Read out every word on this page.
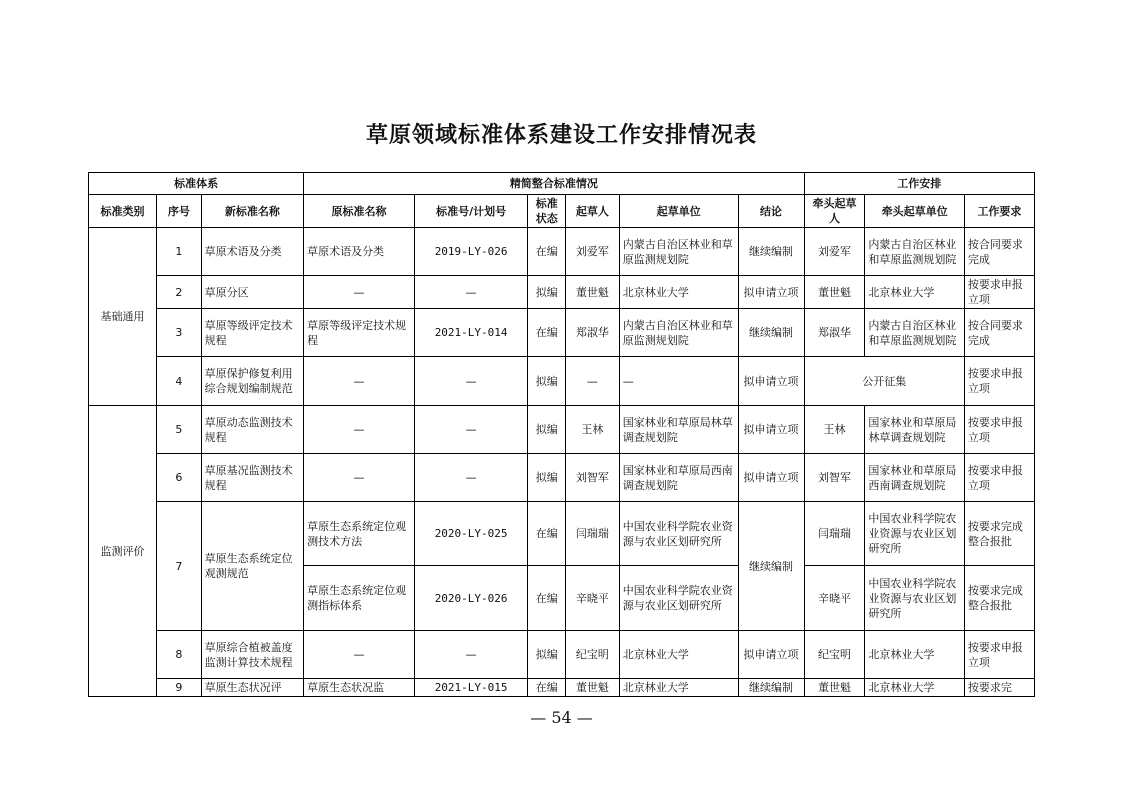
草原领域标准体系建设工作安排情况表
标准体系			精简整合标准情况						工作安排		
标准类别	序号	新标准名称	原标准名称	标准号/计划号	标准状态	起草人	起草单位	结论	牵头起草人	牵头起草单位	工作要求
基础通用	1	草原术语及分类	草原术语及分类	2019-LY-026	在编	刘爱军	内蒙古自治区林业和草原监测规划院	继续编制	刘爱军	内蒙古自治区林业和草原监测规划院	按合同要求完成
	2	草原分区	—	—	拟编	董世魁	北京林业大学	拟申请立项	董世魁	北京林业大学	按要求申报立项
	3	草原等级评定技术规程	草原等级评定技术规程	2021-LY-014	在编	郑淑华	内蒙古自治区林业和草原监测规划院	继续编制	郑淑华	内蒙古自治区林业和草原监测规划院	按合同要求完成
	4	草原保护修复利用综合规划编制规范	—	—	拟编	—	—	拟申请立项	公开征集		按要求申报立项
监测评价	5	草原动态监测技术规程	—	—	拟编	王林	国家林业和草原局林草调查规划院	拟申请立项	王林	国家林业和草原局林草调查规划院	按要求申报立项
	6	草原基况监测技术规程	—	—	拟编	刘智军	国家林业和草原局西南调查规划院	拟申请立项	刘智军	国家林业和草原局西南调查规划院	按要求申报立项
	7	草原生态系统定位观测规范	草原生态系统定位观测技术方法	2020-LY-025	在编	闫瑞瑞	中国农业科学院农业资源与农业区划研究所	继续编制	闫瑞瑞	中国农业科学院农业资源与农业区划研究所	按要求完成整合报批
			草原生态系统定位观测指标体系	2020-LY-026	在编	辛晓平	中国农业科学院农业资源与农业区划研究所		辛晓平	中国农业科学院农业资源与农业区划研究所	按要求完成整合报批
	8	草原综合植被盖度监测计算技术规程	—	—	拟编	纪宝明	北京林业大学	拟申请立项	纪宝明	北京林业大学	按要求申报立项
	9	草原生态状况评	草原生态状况监	2021-LY-015	在编	董世魁	北京林业大学	继续编制	董世魁	北京林业大学	按要求完
— 54 —
